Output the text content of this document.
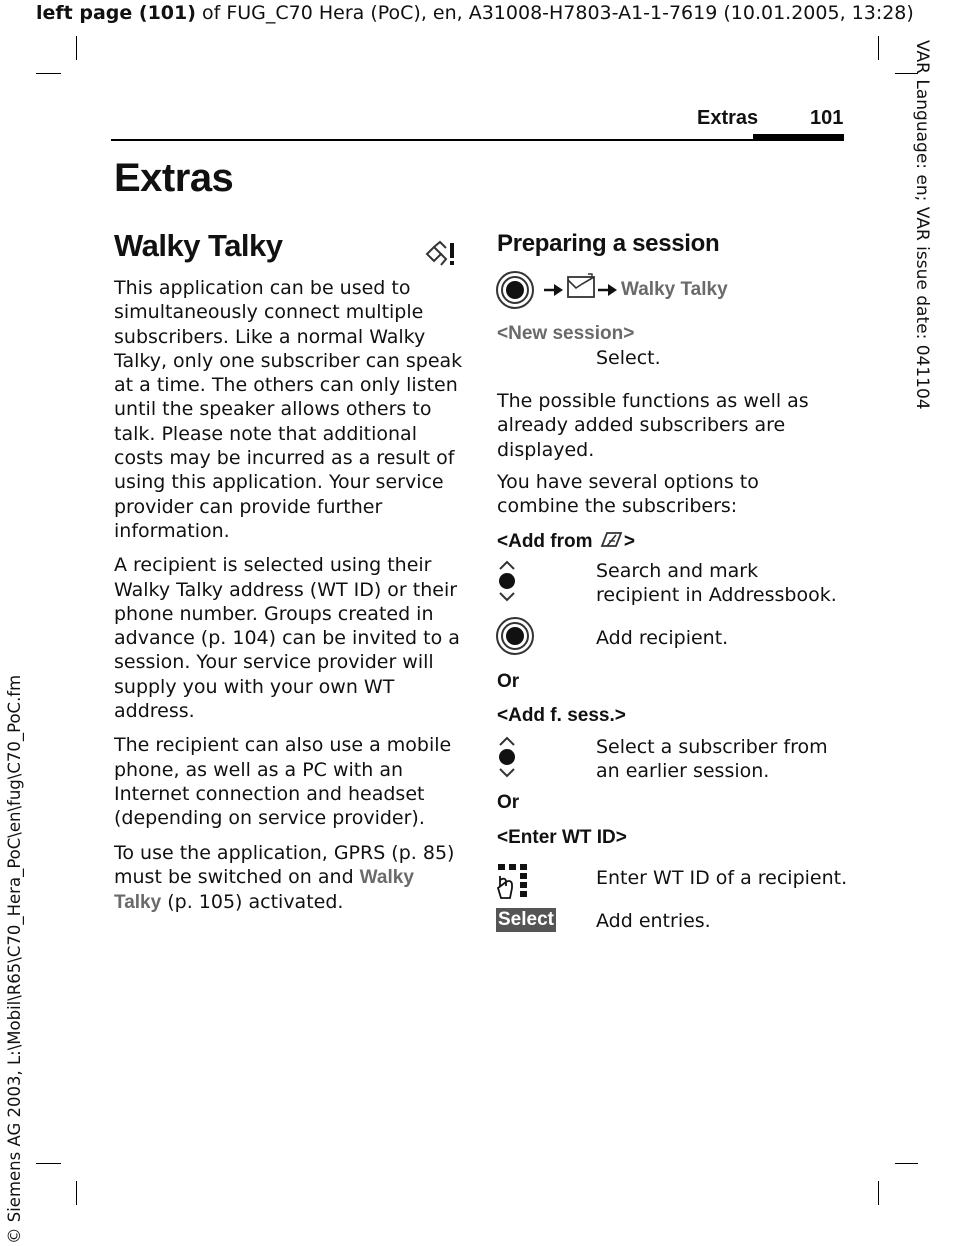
left page (101) of FUG_C70 Hera (PoC), en, A31008-H7803-A1-1-7619 (10.01.2005, 13:28)
VAR Language: en; VAR issue date: 041104
© Siemens AG 2003, L:\Mobil\R65\C70_Hera_PoC\en\fug\C70_PoC.fm
Extras	101
Extras
Walky Talky

This application can be used to simultaneously connect multiple subscribers. Like a normal Walky Talky, only one subscriber can speak at a time. The others can only listen until the speaker allows others to talk. Please note that additional costs may be incurred as a result of using this application. Your service provider can provide further information.

A recipient is selected using their Walky Talky address (WT ID) or their phone number. Groups created in advance (p. 104) can be invited to a session. Your service provider will supply you with your own WT address.

The recipient can also use a mobile phone, as well as a PC with an Internet connection and headset (depending on service provider).

To use the application, GPRS (p. 85) must be switched on and Walky Talky (p. 105) activated.

Preparing a session
Walky Talky
<New session>
Select.
The possible functions as well as already added subscribers are displayed.
You have several options to combine the subscribers:
<Add from >
Search and mark recipient in Addressbook.
Add recipient.
Or
<Add f. sess.>
Select a subscriber from an earlier session.
Or
<Enter WT ID>
Enter WT ID of a recipient.
Select Add entries.
